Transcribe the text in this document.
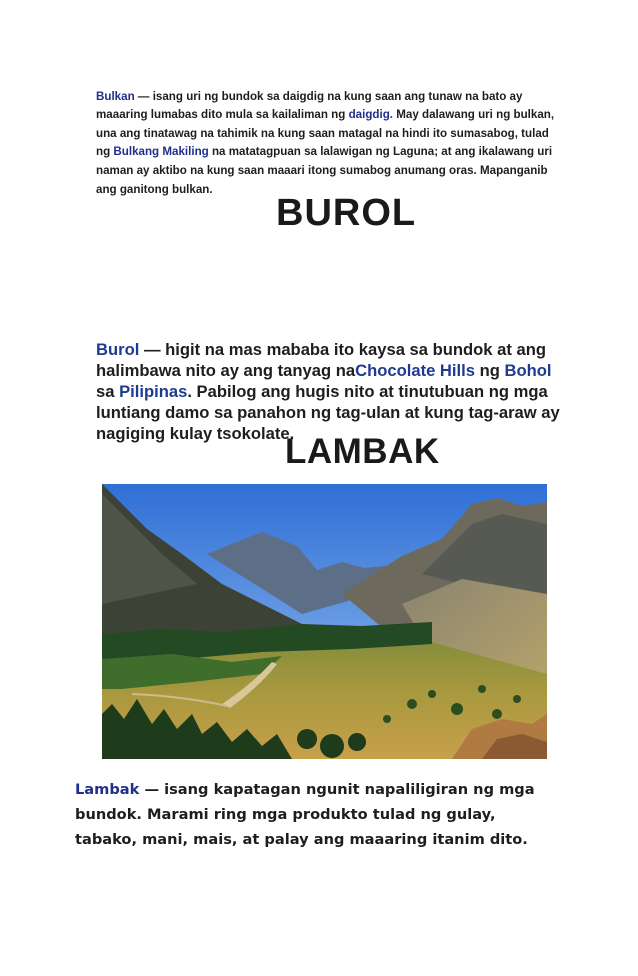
Bulkan — isang uri ng bundok sa daigdig na kung saan ang tunaw na bato ay maaaring lumabas dito mula sa kailaliman ng daigdig. May dalawang uri ng bulkan, una ang tinatawag na tahimik na kung saan matagal na hindi ito sumasabog, tulad ng Bulkang Makiling na matatagpuan sa lalawigan ng Laguna; at ang ikalawang uri naman ay aktibo na kung saan maaari itong sumabog anumang oras. Mapanganib ang ganitong bulkan.

BUROL

Burol — higit na mas mababa ito kaysa sa bundok at ang halimbawa nito ay ang tanyag naChocolate Hills ng Bohol sa Pilipinas. Pabilog ang hugis nito at tinutubuan ng mga luntiang damo sa panahon ng tag-ulan at kung tag-araw ay nagiging kulay tsokolate.

LAMBAK

Lambak — isang kapatagan ngunit napaliligiran ng mga bundok. Marami ring mga produkto tulad ng gulay, tabako, mani, mais, at palay ang maaaring itanim dito.
